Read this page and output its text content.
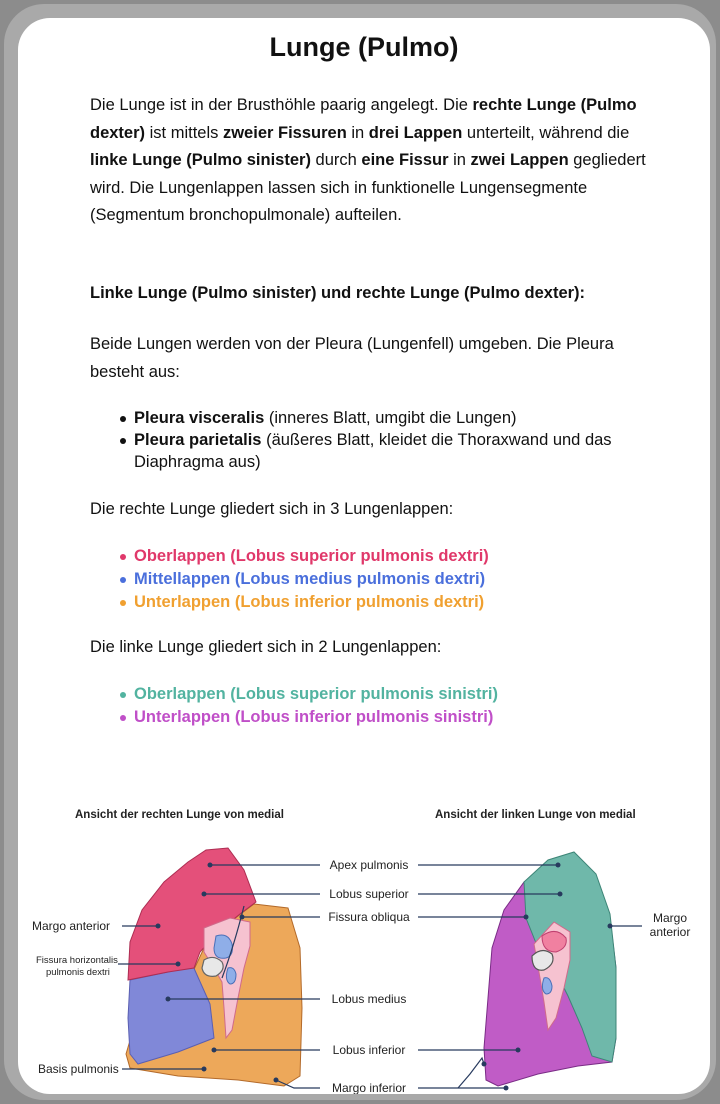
Lunge (Pulmo)
Die Lunge ist in der Brusthöhle paarig angelegt. Die rechte Lunge (Pulmo dexter) ist mittels zweier Fissuren in drei Lappen unterteilt, während die linke Lunge (Pulmo sinister) durch eine Fissur in zwei Lappen gegliedert wird. Die Lungenlappen lassen sich in funktionelle Lungensegmente (Segmentum bronchopulmonale) aufteilen.
Linke Lunge (Pulmo sinister) und rechte Lunge (Pulmo dexter):
Beide Lungen werden von der Pleura (Lungenfell) umgeben. Die Pleura besteht aus:
Pleura visceralis (inneres Blatt, umgibt die Lungen)
Pleura parietalis (äußeres Blatt, kleidet die Thoraxwand und das Diaphragma aus)
Die rechte Lunge gliedert sich in 3 Lungenlappen:
Oberlappen (Lobus superior pulmonis dextri)
Mittellappen (Lobus medius pulmonis dextri)
Unterlappen (Lobus inferior pulmonis dextri)
Die linke Lunge gliedert sich in 2 Lungenlappen:
Oberlappen (Lobus superior pulmonis sinistri)
Unterlappen (Lobus inferior pulmonis sinistri)
Ansicht der rechten Lunge von medial	Ansicht der linken Lunge von medial
Apex pulmonis
Lobus superior
Fissura obliqua
Margo anterior
Fissura horizontalis
pulmonis dextri
Lobus medius
Lobus inferior
Basis pulmonis
Margo inferior
Margo
anterior
